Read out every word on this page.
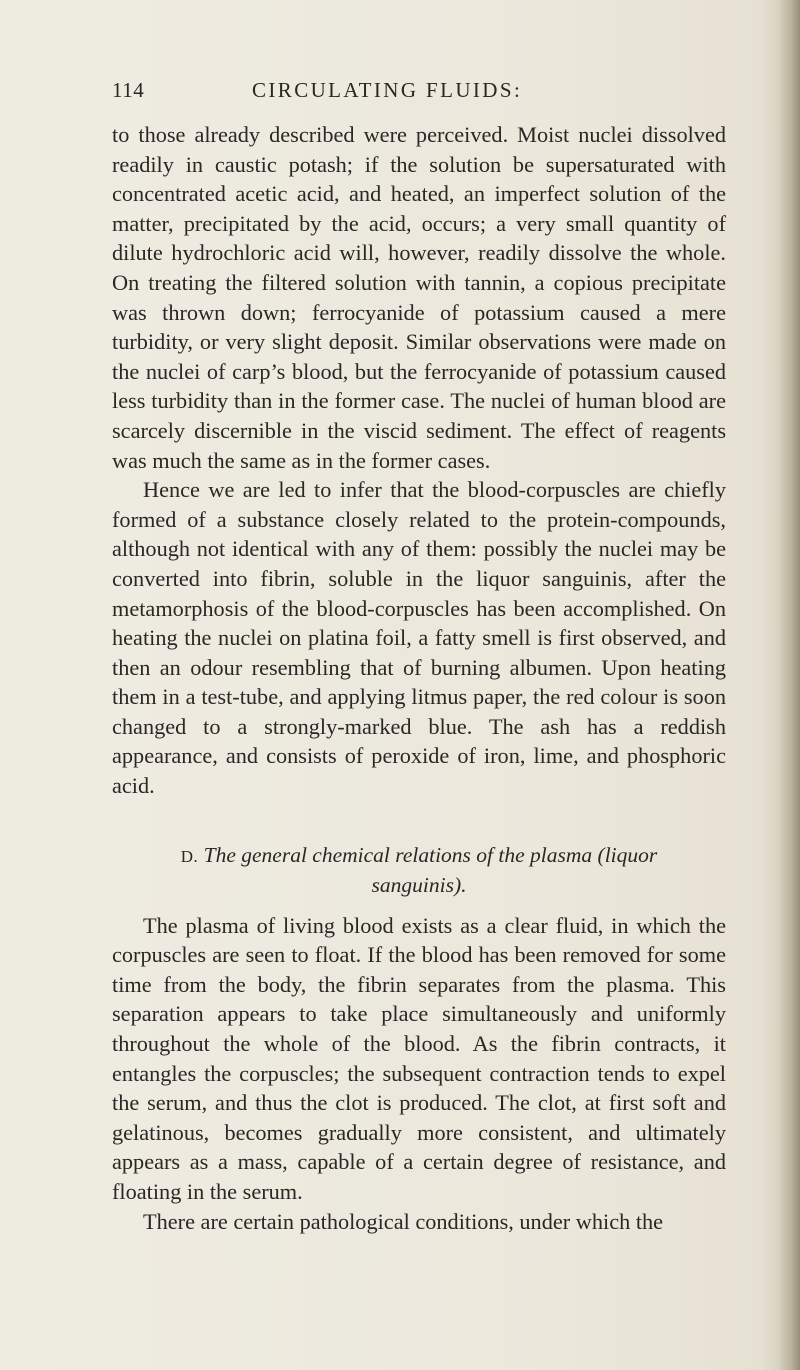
114	CIRCULATING FLUIDS:

to those already described were perceived. Moist nuclei dissolved readily in caustic potash; if the solution be supersaturated with concentrated acetic acid, and heated, an imperfect solution of the matter, precipitated by the acid, occurs; a very small quantity of dilute hydrochloric acid will, however, readily dissolve the whole. On treating the filtered solution with tannin, a copious precipitate was thrown down; ferrocyanide of potassium caused a mere turbidity, or very slight deposit. Similar observations were made on the nuclei of carp’s blood, but the ferrocyanide of potassium caused less turbidity than in the former case. The nuclei of human blood are scarcely discernible in the viscid sediment. The effect of reagents was much the same as in the former cases.

Hence we are led to infer that the blood-corpuscles are chiefly formed of a substance closely related to the protein-compounds, although not identical with any of them: possibly the nuclei may be converted into fibrin, soluble in the liquor sanguinis, after the metamorphosis of the blood-corpuscles has been accomplished. On heating the nuclei on platina foil, a fatty smell is first observed, and then an odour resembling that of burning albumen. Upon heating them in a test-tube, and applying litmus paper, the red colour is soon changed to a strongly-marked blue. The ash has a reddish appearance, and consists of peroxide of iron, lime, and phosphoric acid.

D. The general chemical relations of the plasma (liquor
sanguinis).

The plasma of living blood exists as a clear fluid, in which the corpuscles are seen to float. If the blood has been removed for some time from the body, the fibrin separates from the plasma. This separation appears to take place simultaneously and uniformly throughout the whole of the blood. As the fibrin contracts, it entangles the corpuscles; the subsequent contraction tends to expel the serum, and thus the clot is produced. The clot, at first soft and gelatinous, becomes gradually more consistent, and ultimately appears as a mass, capable of a certain degree of resistance, and floating in the serum.

There are certain pathological conditions, under which the
